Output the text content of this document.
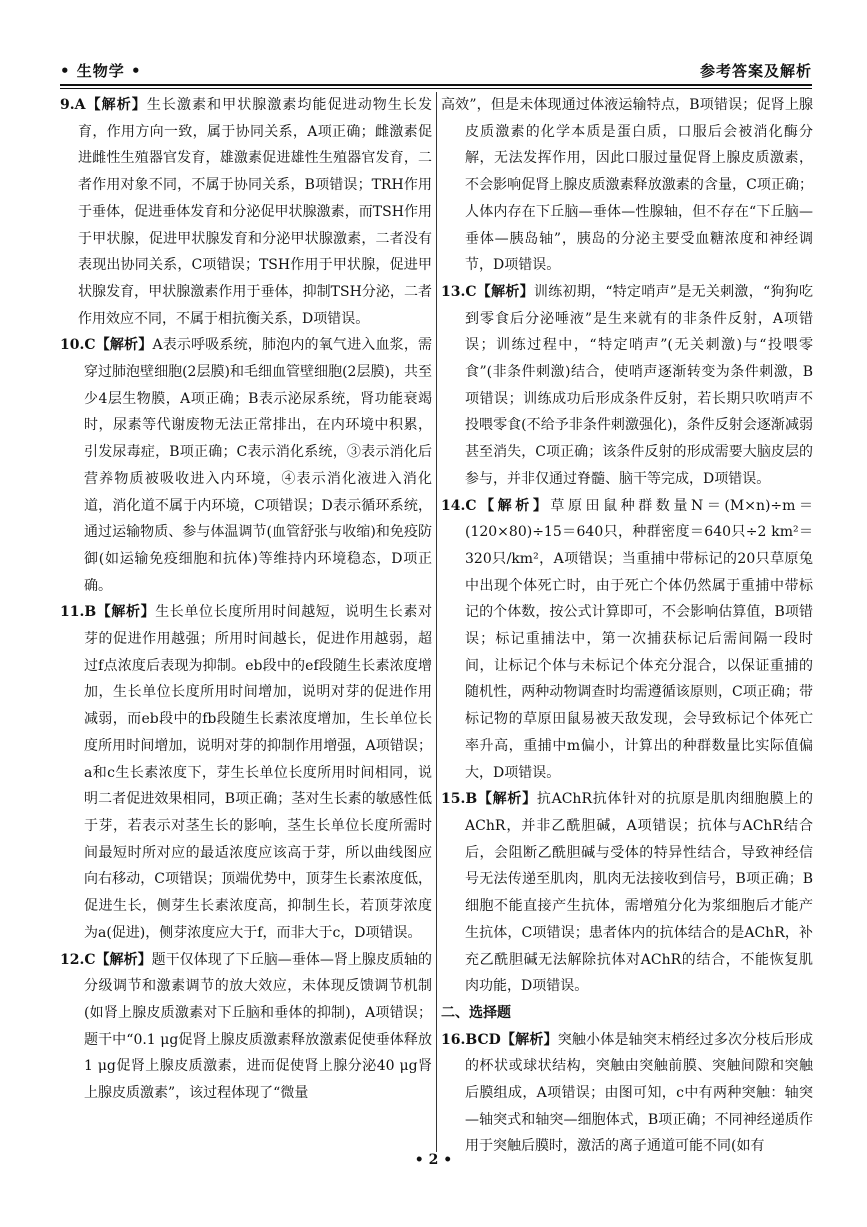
• 生物学 •	参考答案及解析

9.A【解析】生长激素和甲状腺激素均能促进动物生长发育，作用方向一致，属于协同关系，A项正确；雌激素促进雌性生殖器官发育，雄激素促进雄性生殖器官发育，二者作用对象不同，不属于协同关系，B项错误；TRH作用于垂体，促进垂体发育和分泌促甲状腺激素，而TSH作用于甲状腺，促进甲状腺发育和分泌甲状腺激素，二者没有表现出协同关系，C项错误；TSH作用于甲状腺，促进甲状腺发育，甲状腺激素作用于垂体，抑制TSH分泌，二者作用效应不同，不属于相抗衡关系，D项错误。

10.C【解析】A表示呼吸系统，肺泡内的氧气进入血浆，需穿过肺泡壁细胞(2层膜)和毛细血管壁细胞(2层膜)，共至少4层生物膜，A项正确；B表示泌尿系统，肾功能衰竭时，尿素等代谢废物无法正常排出，在内环境中积累，引发尿毒症，B项正确；C表示消化系统，③表示消化后营养物质被吸收进入内环境，④表示消化液进入消化道，消化道不属于内环境，C项错误；D表示循环系统，通过运输物质、参与体温调节(血管舒张与收缩)和免疫防御(如运输免疫细胞和抗体)等维持内环境稳态，D项正确。

11.B【解析】生长单位长度所用时间越短，说明生长素对芽的促进作用越强；所用时间越长，促进作用越弱，超过f点浓度后表现为抑制。eb段中的ef段随生长素浓度增加，生长单位长度所用时间增加，说明对芽的促进作用减弱，而eb段中的fb段随生长素浓度增加，生长单位长度所用时间增加，说明对芽的抑制作用增强，A项错误；a和c生长素浓度下，芽生长单位长度所用时间相同，说明二者促进效果相同，B项正确；茎对生长素的敏感性低于芽，若表示对茎生长的影响，茎生长单位长度所需时间最短时所对应的最适浓度应该高于芽，所以曲线图应向右移动，C项错误；顶端优势中，顶芽生长素浓度低，促进生长，侧芽生长素浓度高，抑制生长，若顶芽浓度为a(促进)，侧芽浓度应大于f，而非大于c，D项错误。

12.C【解析】题干仅体现了下丘脑—垂体—肾上腺皮质轴的分级调节和激素调节的放大效应，未体现反馈调节机制(如肾上腺皮质激素对下丘脑和垂体的抑制)，A项错误；题干中“0.1 μg促肾上腺皮质激素释放激素促使垂体释放1 μg促肾上腺皮质激素，进而促使肾上腺分泌40 μg肾上腺皮质激素”，该过程体现了“微量

高效”，但是未体现通过体液运输特点，B项错误；促肾上腺皮质激素的化学本质是蛋白质，口服后会被消化酶分解，无法发挥作用，因此口服过量促肾上腺皮质激素，不会影响促肾上腺皮质激素释放激素的含量，C项正确；人体内存在下丘脑—垂体—性腺轴，但不存在“下丘脑—垂体—胰岛轴”，胰岛的分泌主要受血糖浓度和神经调节，D项错误。

13.C【解析】训练初期，“特定哨声”是无关刺激，“狗狗吃到零食后分泌唾液”是生来就有的非条件反射，A项错误；训练过程中，“特定哨声”(无关刺激)与“投喂零食”(非条件刺激)结合，使哨声逐渐转变为条件刺激，B项错误；训练成功后形成条件反射，若长期只吹哨声不投喂零食(不给予非条件刺激强化)，条件反射会逐渐减弱甚至消失，C项正确；该条件反射的形成需要大脑皮层的参与，并非仅通过脊髓、脑干等完成，D项错误。

14.C【解析】草原田鼠种群数量N＝(M×n)÷m＝(120×80)÷15＝640只，种群密度＝640只÷2 km²＝320只/km²，A项错误；当重捕中带标记的20只草原兔中出现个体死亡时，由于死亡个体仍然属于重捕中带标记的个体数，按公式计算即可，不会影响估算值，B项错误；标记重捕法中，第一次捕获标记后需间隔一段时间，让标记个体与未标记个体充分混合，以保证重捕的随机性，两种动物调查时均需遵循该原则，C项正确；带标记物的草原田鼠易被天敌发现，会导致标记个体死亡率升高，重捕中m偏小，计算出的种群数量比实际值偏大，D项错误。

15.B【解析】抗AChR抗体针对的抗原是肌肉细胞膜上的AChR，并非乙酰胆碱，A项错误；抗体与AChR结合后，会阻断乙酰胆碱与受体的特异性结合，导致神经信号无法传递至肌肉，肌肉无法接收到信号，B项正确；B细胞不能直接产生抗体，需增殖分化为浆细胞后才能产生抗体，C项错误；患者体内的抗体结合的是AChR，补充乙酰胆碱无法解除抗体对AChR的结合，不能恢复肌肉功能，D项错误。

二、选择题

16.BCD【解析】突触小体是轴突末梢经过多次分枝后形成的杯状或球状结构，突触由突触前膜、突触间隙和突触后膜组成，A项错误；由图可知，c中有两种突触：轴突—轴突式和轴突—细胞体式，B项正确；不同神经递质作用于突触后膜时，激活的离子通道可能不同(如有

• 2 •
